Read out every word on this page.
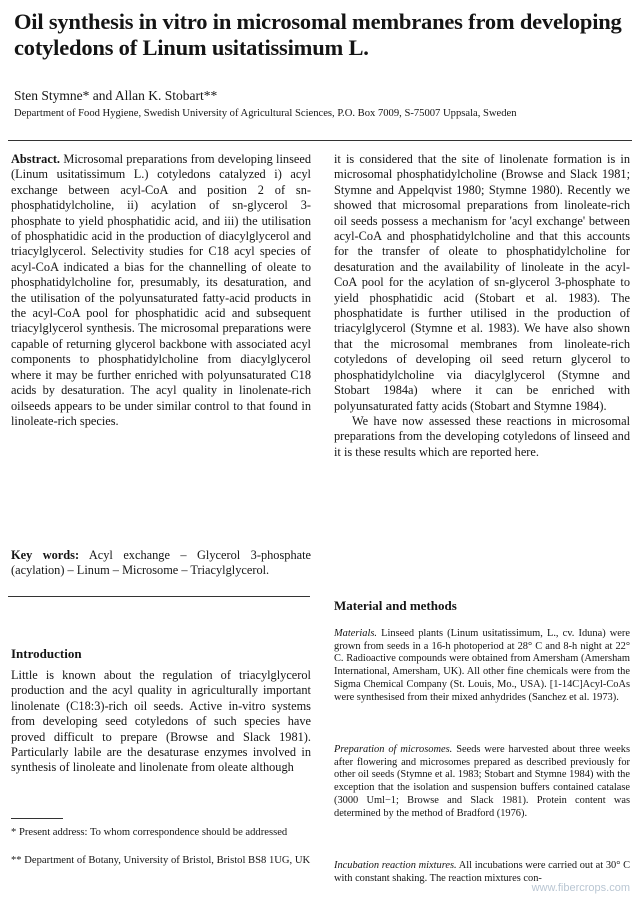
Oil synthesis in vitro in microsomal membranes from developing cotyledons of Linum usitatissimum L.
Sten Stymne* and Allan K. Stobart**
Department of Food Hygiene, Swedish University of Agricultural Sciences, P.O. Box 7009, S-75007 Uppsala, Sweden

Abstract. Microsomal preparations from developing linseed (Linum usitatissimum L.) cotyledons catalyzed i) acyl exchange between acyl-CoA and position 2 of sn-phosphatidylcholine, ii) acylation of sn-glycerol 3-phosphate to yield phosphatidic acid, and iii) the utilisation of phosphatidic acid in the production of diacylglycerol and triacylglycerol. Selectivity studies for C18 acyl species of acyl-CoA indicated a bias for the channelling of oleate to phosphatidylcholine for, presumably, its desaturation, and the utilisation of the polyunsaturated fatty-acid products in the acyl-CoA pool for phosphatidic acid and subsequent triacylglycerol synthesis. The microsomal preparations were capable of returning glycerol backbone with associated acyl components to phosphatidylcholine from diacylglycerol where it may be further enriched with polyunsaturated C18 acids by desaturation. The acyl quality in linolenate-rich oilseeds appears to be under similar control to that found in linoleate-rich species.

Key words: Acyl exchange – Glycerol 3-phosphate (acylation) – Linum – Microsome – Triacylglycerol.

Introduction

Little is known about the regulation of triacylglycerol production and the acyl quality in agriculturally important linolenate (C18:3)-rich oil seeds. Active in-vitro systems from developing seed cotyledons of such species have proved difficult to prepare (Browse and Slack 1981). Particularly labile are the desaturase enzymes involved in synthesis of linoleate and linolenate from oleate although

* Present address: To whom correspondence should be addressed
** Department of Botany, University of Bristol, Bristol BS8 1UG, UK

it is considered that the site of linolenate formation is in microsomal phosphatidylcholine (Browse and Slack 1981; Stymne and Appelqvist 1980; Stymne 1980). Recently we showed that microsomal preparations from linoleate-rich oil seeds possess a mechanism for 'acyl exchange' between acyl-CoA and phosphatidylcholine and that this accounts for the transfer of oleate to phosphatidylcholine for desaturation and the availability of linoleate in the acyl-CoA pool for the acylation of sn-glycerol 3-phosphate to yield phosphatidic acid (Stobart et al. 1983). The phosphatidate is further utilised in the production of triacylglycerol (Stymne et al. 1983). We have also shown that the microsomal membranes from linoleate-rich cotyledons of developing oil seed return glycerol to phosphatidylcholine via diacylglycerol (Stymne and Stobart 1984a) where it can be enriched with polyunsaturated fatty acids (Stobart and Stymne 1984).

We have now assessed these reactions in microsomal preparations from the developing cotyledons of linseed and it is these results which are reported here.

Material and methods

Materials. Linseed plants (Linum usitatissimum, L., cv. Iduna) were grown from seeds in a 16-h photoperiod at 28° C and 8-h night at 22° C. Radioactive compounds were obtained from Amersham (Amersham International, Amersham, UK). All other fine chemicals were from the Sigma Chemical Company (St. Louis, Mo., USA). [1-14C]Acyl-CoAs were synthesised from their mixed anhydrides (Sanchez et al. 1973).

Preparation of microsomes. Seeds were harvested about three weeks after flowering and microsomes prepared as described previously for other oil seeds (Stymne et al. 1983; Stobart and Stymne 1984) with the exception that the isolation and suspension buffers contained catalase (3000 Uml−1; Browse and Slack 1981). Protein content was determined by the method of Bradford (1976).

Incubation reaction mixtures. All incubations were carried out at 30° C with constant shaking. The reaction mixtures con-

www.fibercrops.com
